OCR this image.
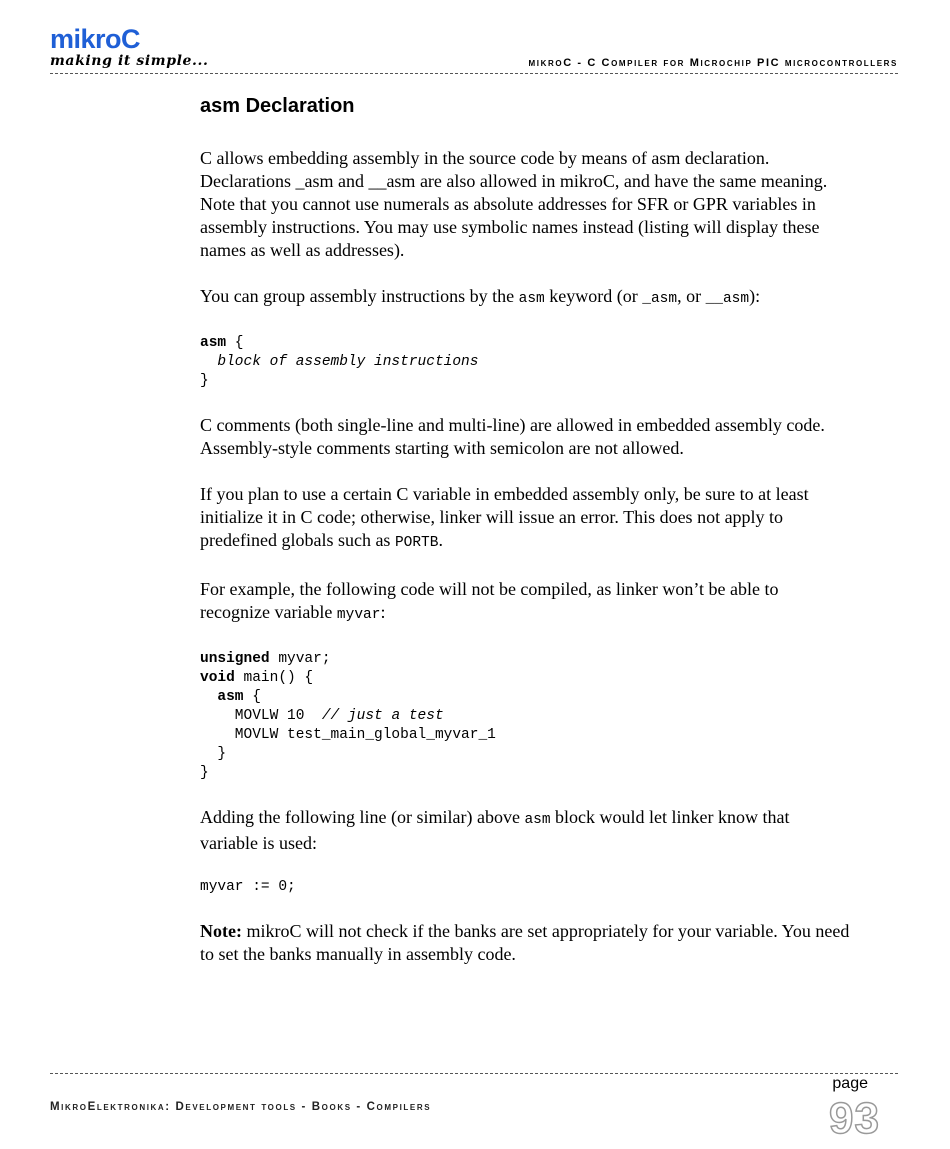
mikroC
making it simple...	mikroC - C Compiler for Microchip PIC microcontrollers
asm Declaration

C allows embedding assembly in the source code by means of asm declaration. Declarations _asm and __asm are also allowed in mikroC, and have the same meaning. Note that you cannot use numerals as absolute addresses for SFR or GPR variables in assembly instructions. You may use symbolic names instead (listing will display these names as well as addresses).

You can group assembly instructions by the asm keyword (or _asm, or __asm):

asm {
block of assembly instructions
}

C comments (both single-line and multi-line) are allowed in embedded assembly code. Assembly-style comments starting with semicolon are not allowed.

If you plan to use a certain C variable in embedded assembly only, be sure to at least initialize it in C code; otherwise, linker will issue an error. This does not apply to predefined globals such as PORTB.

For example, the following code will not be compiled, as linker won’t be able to recognize variable myvar:

unsigned myvar;
void main() {
asm {
MOVLW 10  // just a test
MOVLW test_main_global_myvar_1
}
}

Adding the following line (or similar) above asm block would let linker know that variable is used:

myvar := 0;

Note: mikroC will not check if the banks are set appropriately for your variable. You need to set the banks manually in assembly code.

MikroElektronika: Development tools - Books - Compilers
page
93
